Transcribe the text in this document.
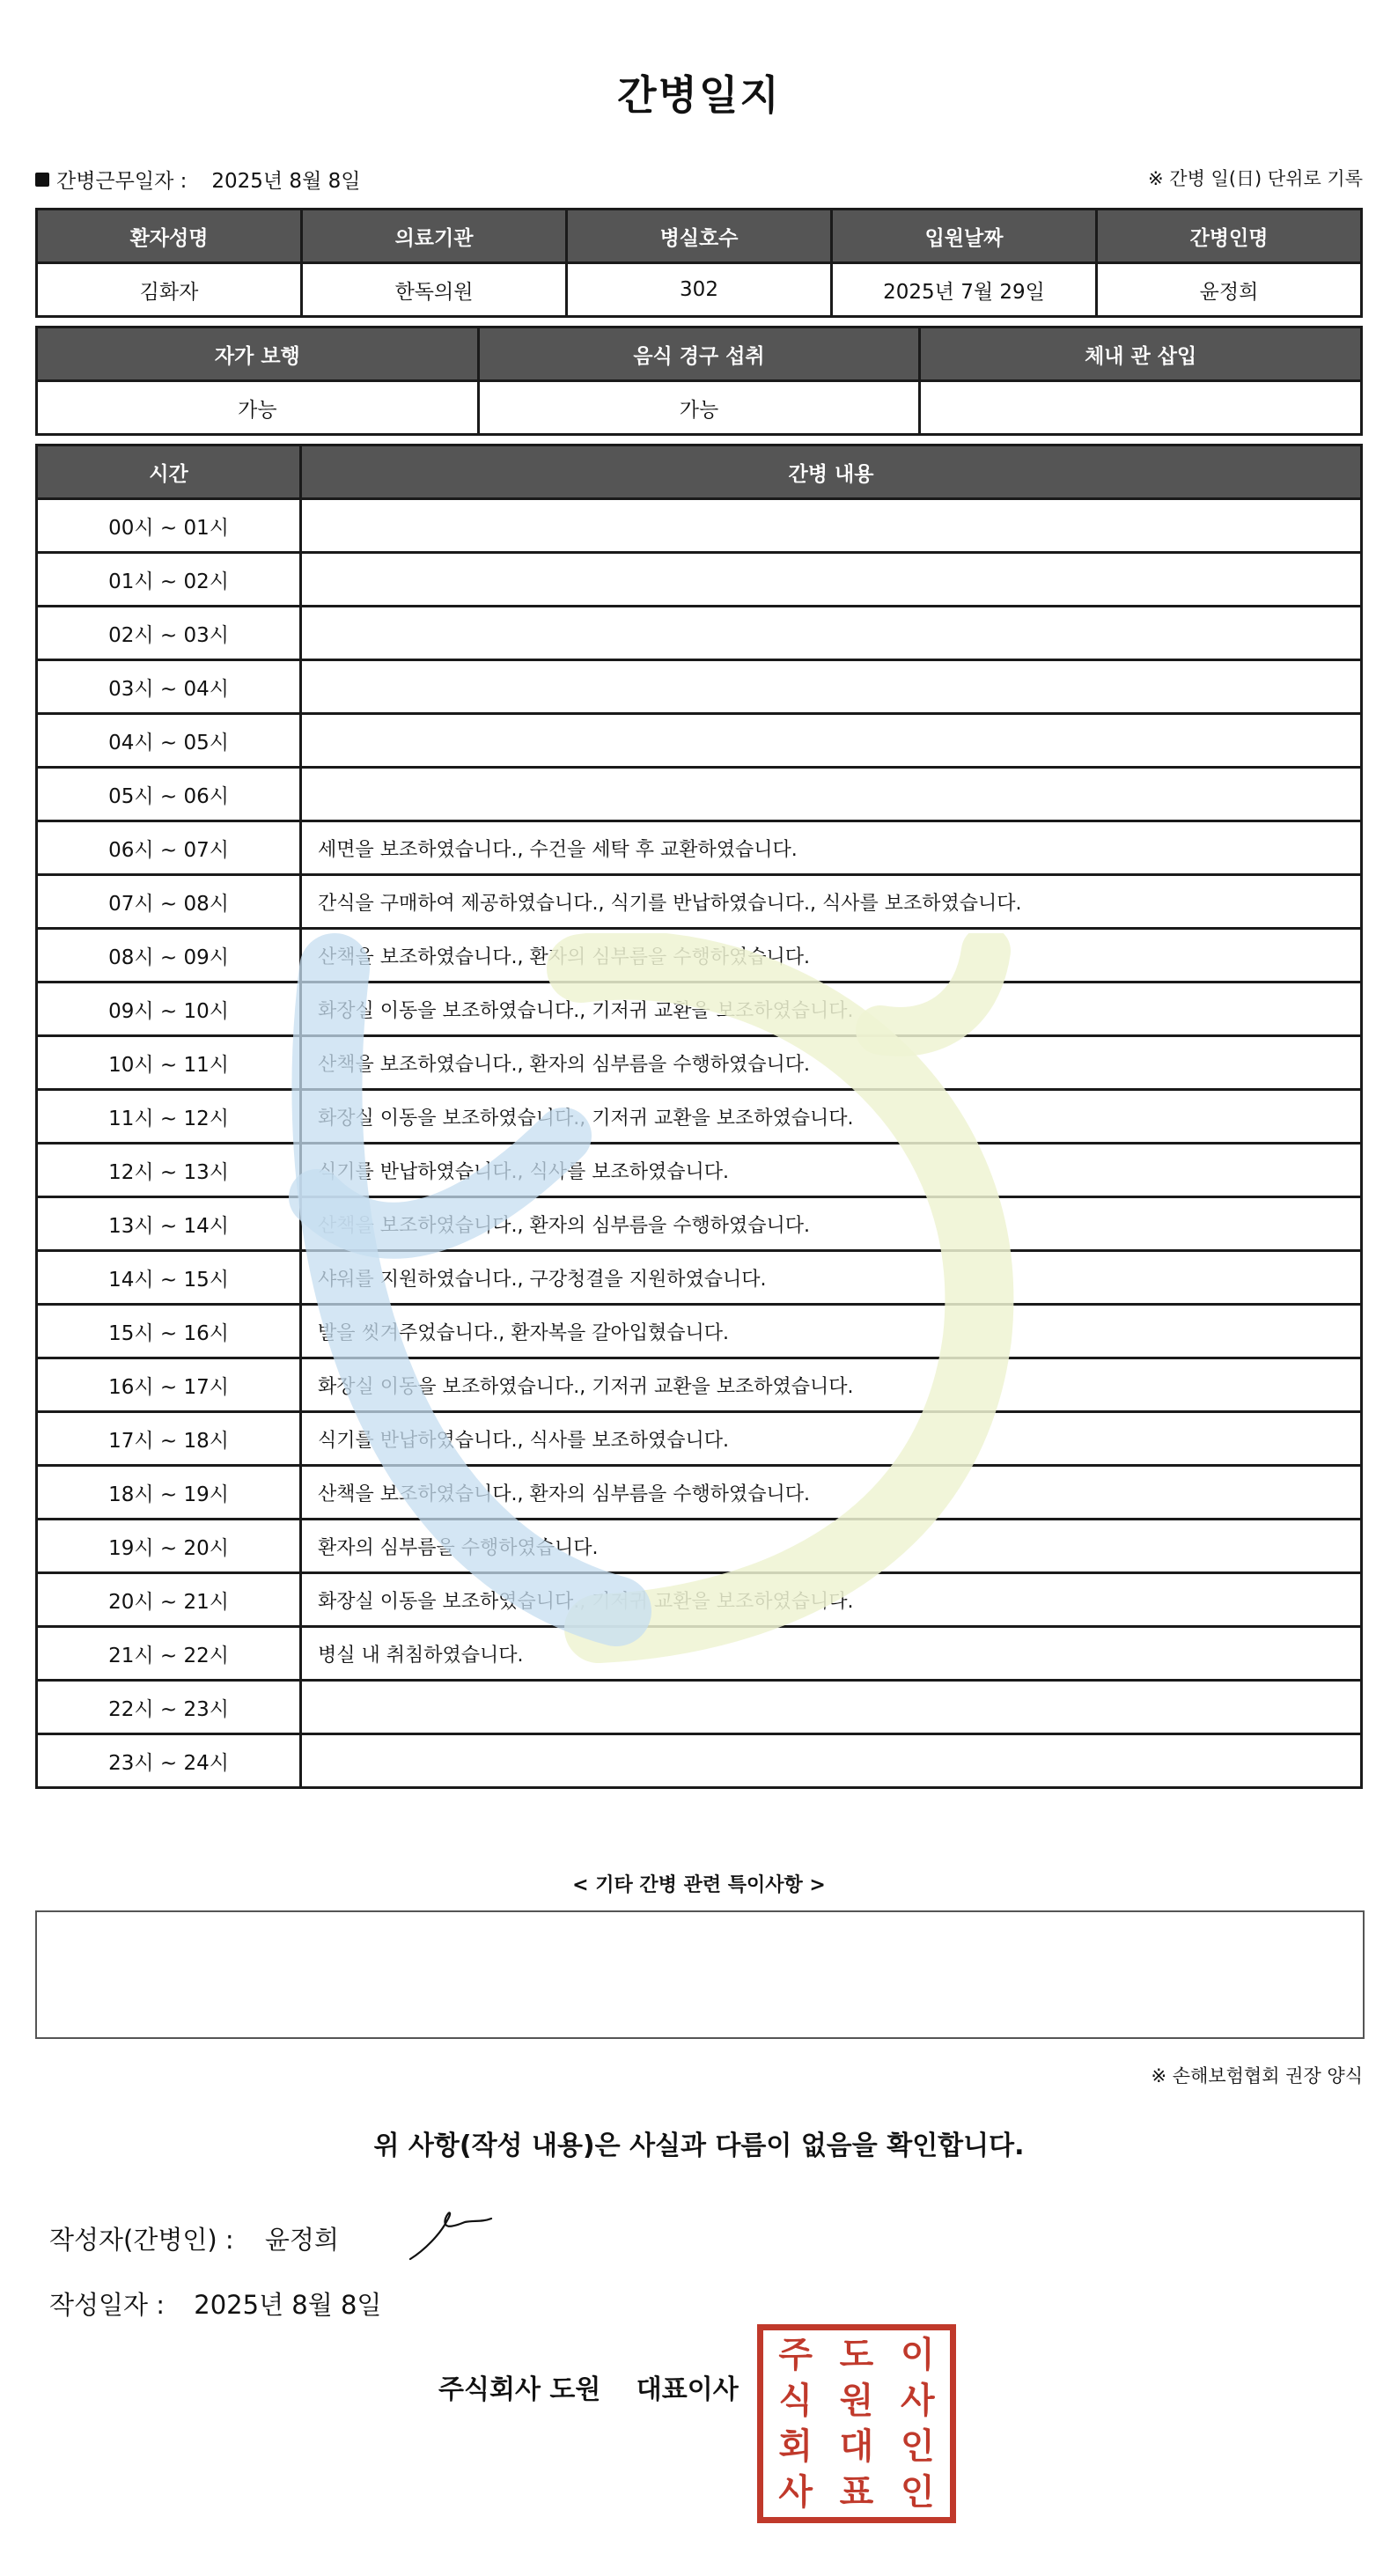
간병일지
간병근무일자 : 2025년 8월 8일	※ 간병 일(日) 단위로 기록
환자성명	의료기관	병실호수	입원날짜	간병인명
김화자	한독의원	302	2025년 7월 29일	윤정희
자가 보행	음식 경구 섭취	체내 관 삽입
가능	가능	
시간	간병 내용
00시 ~ 01시	
01시 ~ 02시	
02시 ~ 03시	
03시 ~ 04시	
04시 ~ 05시	
05시 ~ 06시	
06시 ~ 07시	세면을 보조하였습니다., 수건을 세탁 후 교환하였습니다.
07시 ~ 08시	간식을 구매하여 제공하였습니다., 식기를 반납하였습니다., 식사를 보조하였습니다.
08시 ~ 09시	산책을 보조하였습니다., 환자의 심부름을 수행하였습니다.
09시 ~ 10시	화장실 이동을 보조하였습니다., 기저귀 교환을 보조하였습니다.
10시 ~ 11시	산책을 보조하였습니다., 환자의 심부름을 수행하였습니다.
11시 ~ 12시	화장실 이동을 보조하였습니다., 기저귀 교환을 보조하였습니다.
12시 ~ 13시	식기를 반납하였습니다., 식사를 보조하였습니다.
13시 ~ 14시	산책을 보조하였습니다., 환자의 심부름을 수행하였습니다.
14시 ~ 15시	샤워를 지원하였습니다., 구강청결을 지원하였습니다.
15시 ~ 16시	발을 씻겨주었습니다., 환자복을 갈아입혔습니다.
16시 ~ 17시	화장실 이동을 보조하였습니다., 기저귀 교환을 보조하였습니다.
17시 ~ 18시	식기를 반납하였습니다., 식사를 보조하였습니다.
18시 ~ 19시	산책을 보조하였습니다., 환자의 심부름을 수행하였습니다.
19시 ~ 20시	환자의 심부름을 수행하였습니다.
20시 ~ 21시	화장실 이동을 보조하였습니다., 기저귀 교환을 보조하였습니다.
21시 ~ 22시	병실 내 취침하였습니다.
22시 ~ 23시	
23시 ~ 24시	
< 기타 간병 관련 특이사항 >
※ 손해보험협회 권장 양식
위 사항(작성 내용)은 사실과 다름이 없음을 확인합니다.
작성자(간병인) : 윤정희
작성일자 : 2025년 8월 8일
주식회사 도원 대표이사
주
식
회
사
도
원
대
표
이
사
인
인
